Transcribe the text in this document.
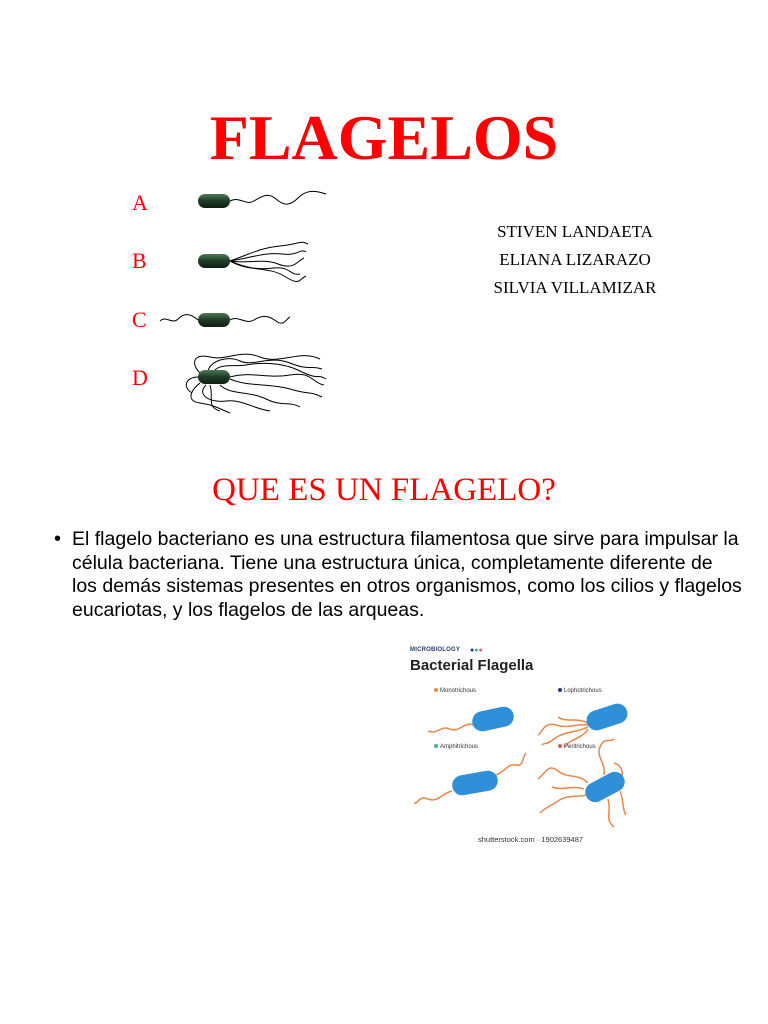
FLAGELOS
A
B
C
D
STIVEN LANDAETA
ELIANA LIZARAZO
SILVIA VILLAMIZAR
QUE ES UN FLAGELO?
• El flagelo bacteriano es una estructura filamentosa que sirve para impulsar la célula bacteriana. Tiene una estructura única, completamente diferente de los demás sistemas presentes en otros organismos, como los cilios y flagelos eucariotas, y los flagelos de las arqueas.
MICROBIOLOGY ●●●
Bacterial Flagella
Monotrichous	Lophotrichous
Amphitrichous	Peritrichous
shutterstock.com · 1902639487
